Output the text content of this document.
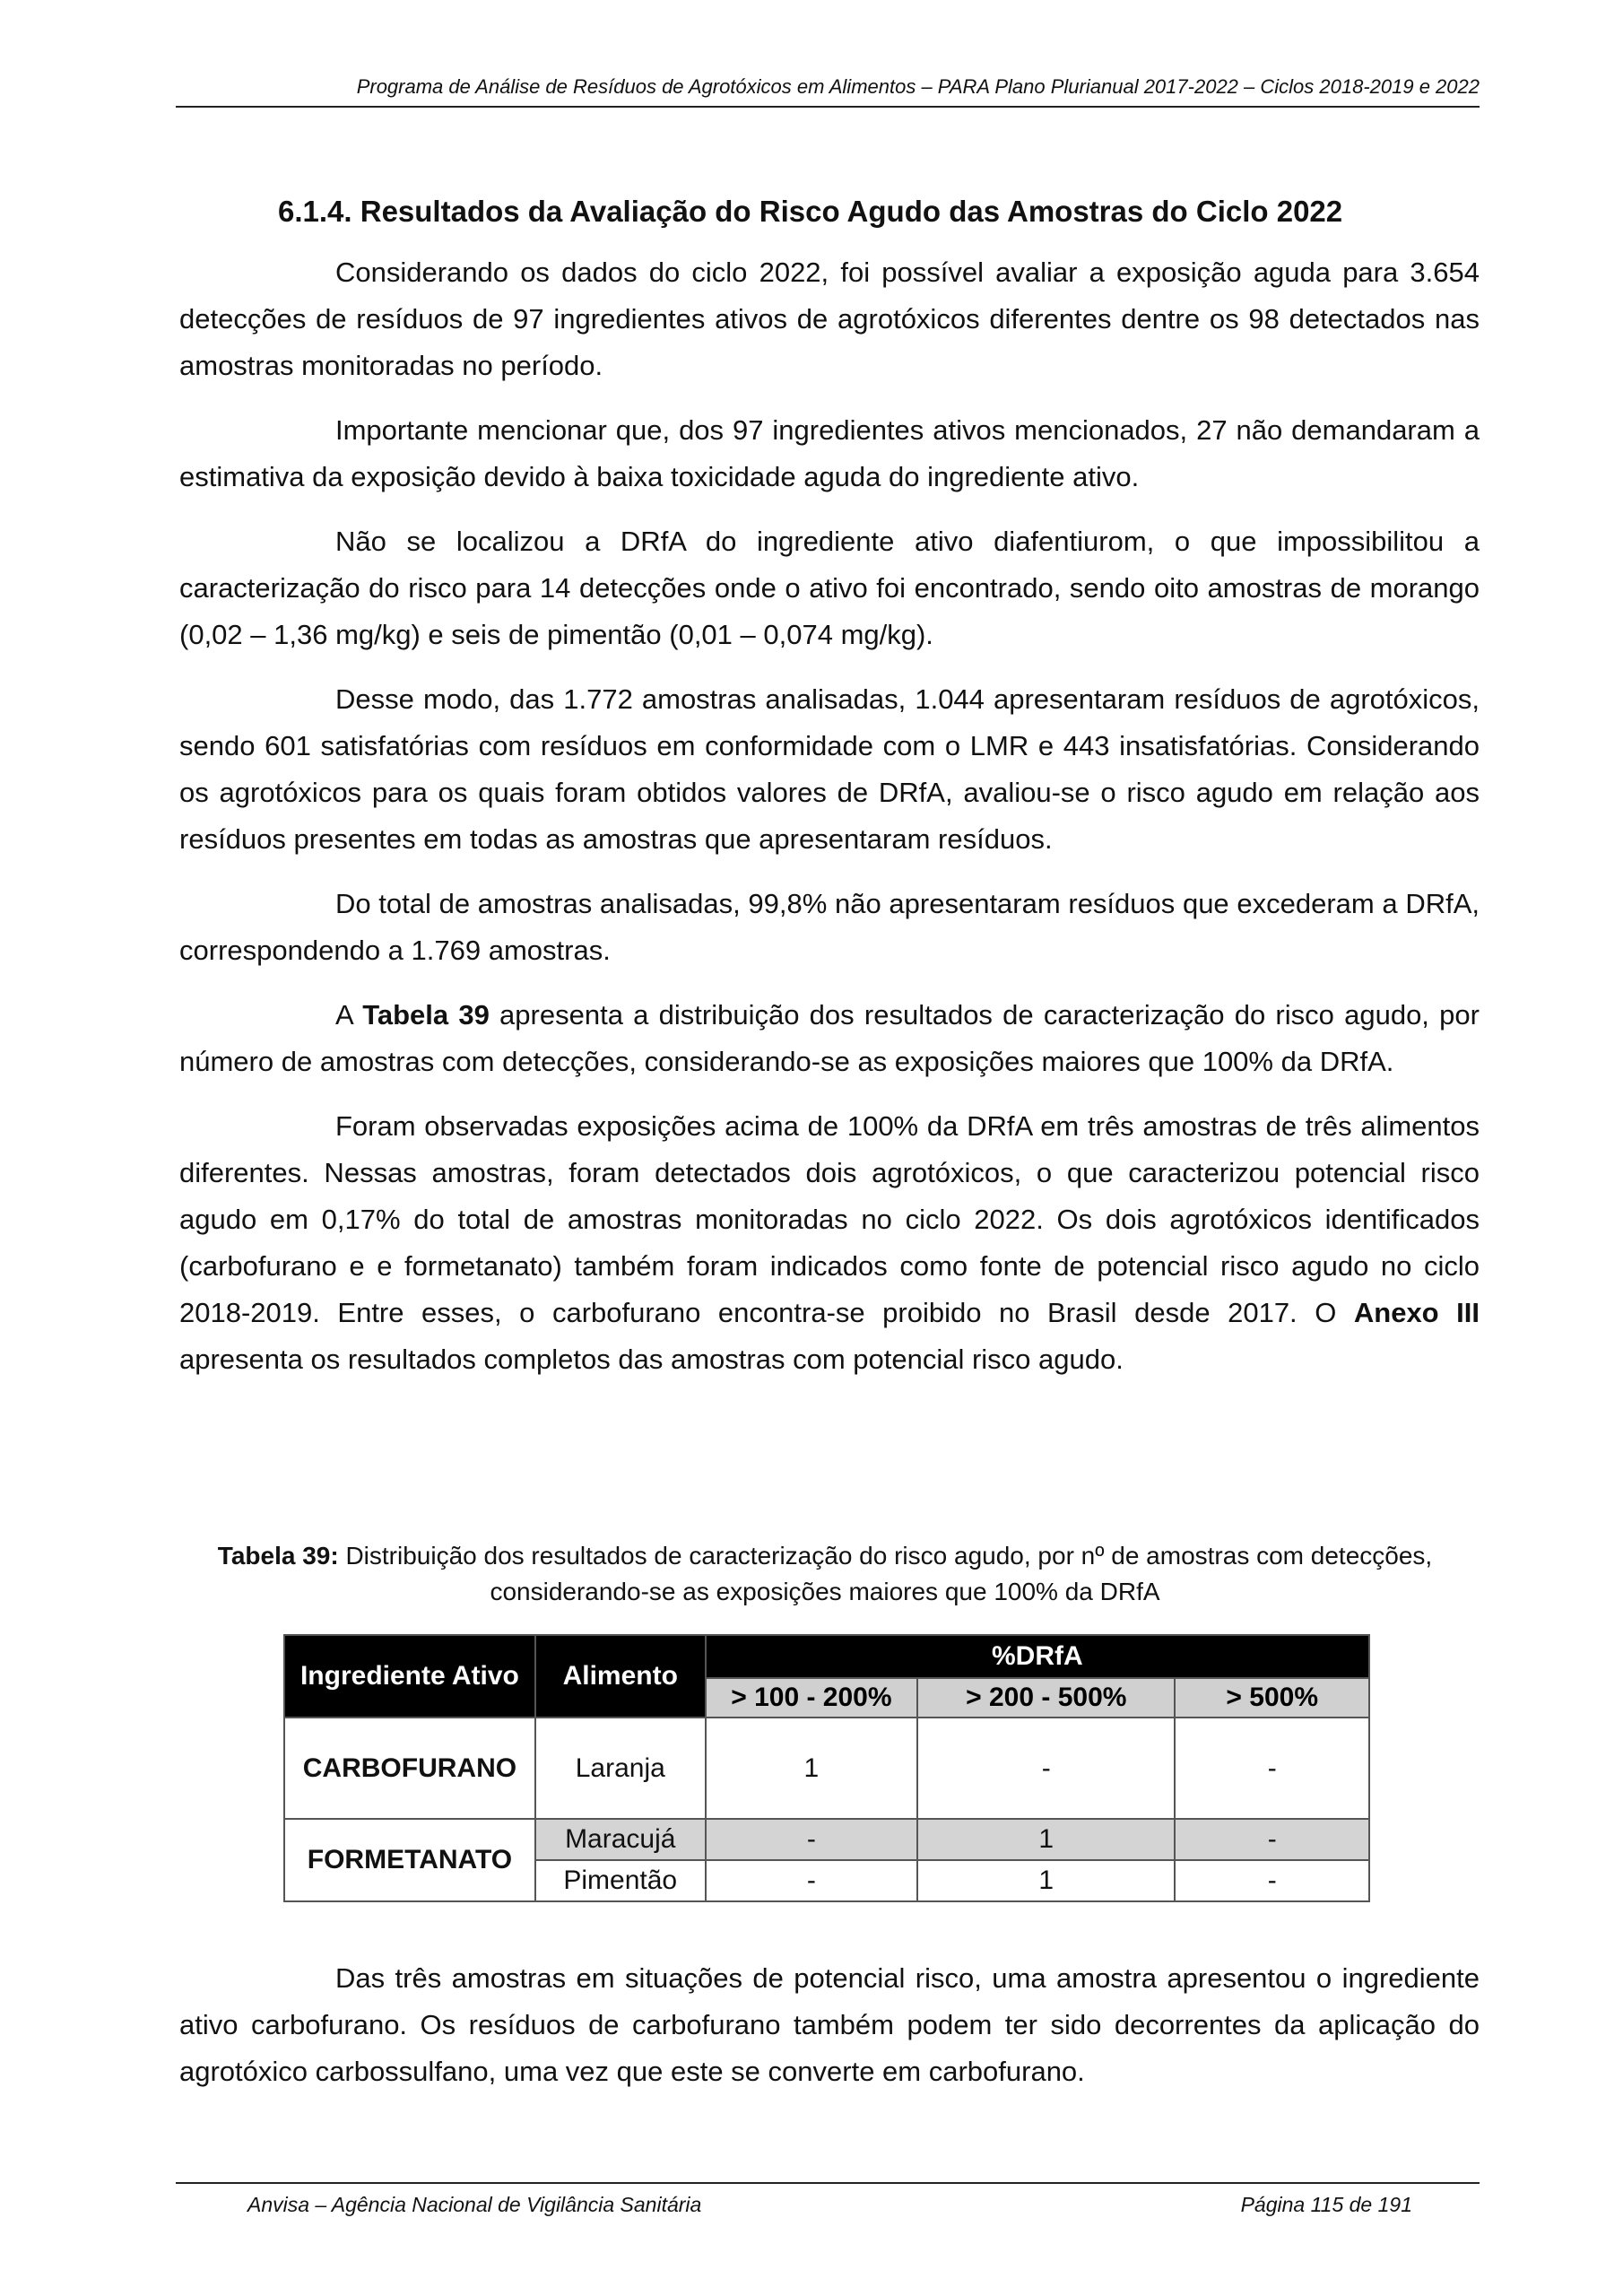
Programa de Análise de Resíduos de Agrotóxicos em Alimentos – PARA Plano Plurianual 2017-2022 – Ciclos 2018-2019 e 2022
6.1.4. Resultados da Avaliação do Risco Agudo das Amostras do Ciclo 2022

Considerando os dados do ciclo 2022, foi possível avaliar a exposição aguda para 3.654 detecções de resíduos de 97 ingredientes ativos de agrotóxicos diferentes dentre os 98 detectados nas amostras monitoradas no período.

Importante mencionar que, dos 97 ingredientes ativos mencionados, 27 não demandaram a estimativa da exposição devido à baixa toxicidade aguda do ingrediente ativo.

Não se localizou a DRfA do ingrediente ativo diafentiurom, o que impossibilitou a caracterização do risco para 14 detecções onde o ativo foi encontrado, sendo oito amostras de morango (0,02 – 1,36 mg/kg) e seis de pimentão (0,01 – 0,074 mg/kg).

Desse modo, das 1.772 amostras analisadas, 1.044 apresentaram resíduos de agrotóxicos, sendo 601 satisfatórias com resíduos em conformidade com o LMR e 443 insatisfatórias. Considerando os agrotóxicos para os quais foram obtidos valores de DRfA, avaliou-se o risco agudo em relação aos resíduos presentes em todas as amostras que apresentaram resíduos.

Do total de amostras analisadas, 99,8% não apresentaram resíduos que excederam a DRfA, correspondendo a 1.769 amostras.

A Tabela 39 apresenta a distribuição dos resultados de caracterização do risco agudo, por número de amostras com detecções, considerando-se as exposições maiores que 100% da DRfA.

Foram observadas exposições acima de 100% da DRfA em três amostras de três alimentos diferentes. Nessas amostras, foram detectados dois agrotóxicos, o que caracterizou potencial risco agudo em 0,17% do total de amostras monitoradas no ciclo 2022. Os dois agrotóxicos identificados (carbofurano e e formetanato) também foram indicados como fonte de potencial risco agudo no ciclo 2018-2019. Entre esses, o carbofurano encontra-se proibido no Brasil desde 2017. O Anexo III apresenta os resultados completos das amostras com potencial risco agudo.

Tabela 39: Distribuição dos resultados de caracterização do risco agudo, por nº de amostras com detecções, considerando-se as exposições maiores que 100% da DRfA
Ingrediente Ativo	Alimento	%DRfA		
		> 100 - 200%	> 200 - 500%	> 500%
CARBOFURANO	Laranja	1	-	-
FORMETANATO	Maracujá	-	1	-
	Pimentão	-	1	-

Das três amostras em situações de potencial risco, uma amostra apresentou o ingrediente ativo carbofurano. Os resíduos de carbofurano também podem ter sido decorrentes da aplicação do agrotóxico carbossulfano, uma vez que este se converte em carbofurano.

Anvisa – Agência Nacional de Vigilância Sanitária	Página 115 de 191
